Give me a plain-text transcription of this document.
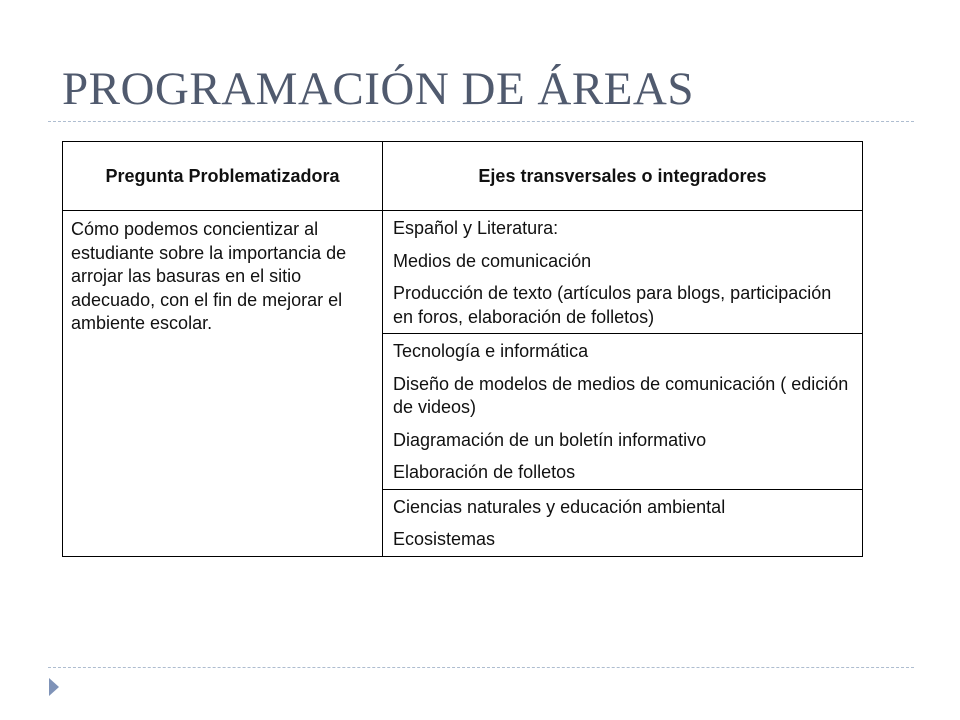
PROGRAMACIÓN DE ÁREAS
Pregunta Problematizadora	Ejes transversales o integradores
Cómo podemos concientizar al estudiante sobre la importancia de arrojar las basuras en el sitio adecuado, con el fin de mejorar el ambiente escolar.	Español y Literatura:
Medios de comunicación
Producción de texto (artículos para blogs, participación en foros, elaboración de folletos)

	Tecnología e informática
Diseño de modelos de medios de comunicación ( edición de videos)
Diagramación de un boletín informativo
Elaboración de folletos

	Ciencias naturales y educación ambiental
Ecosistemas
